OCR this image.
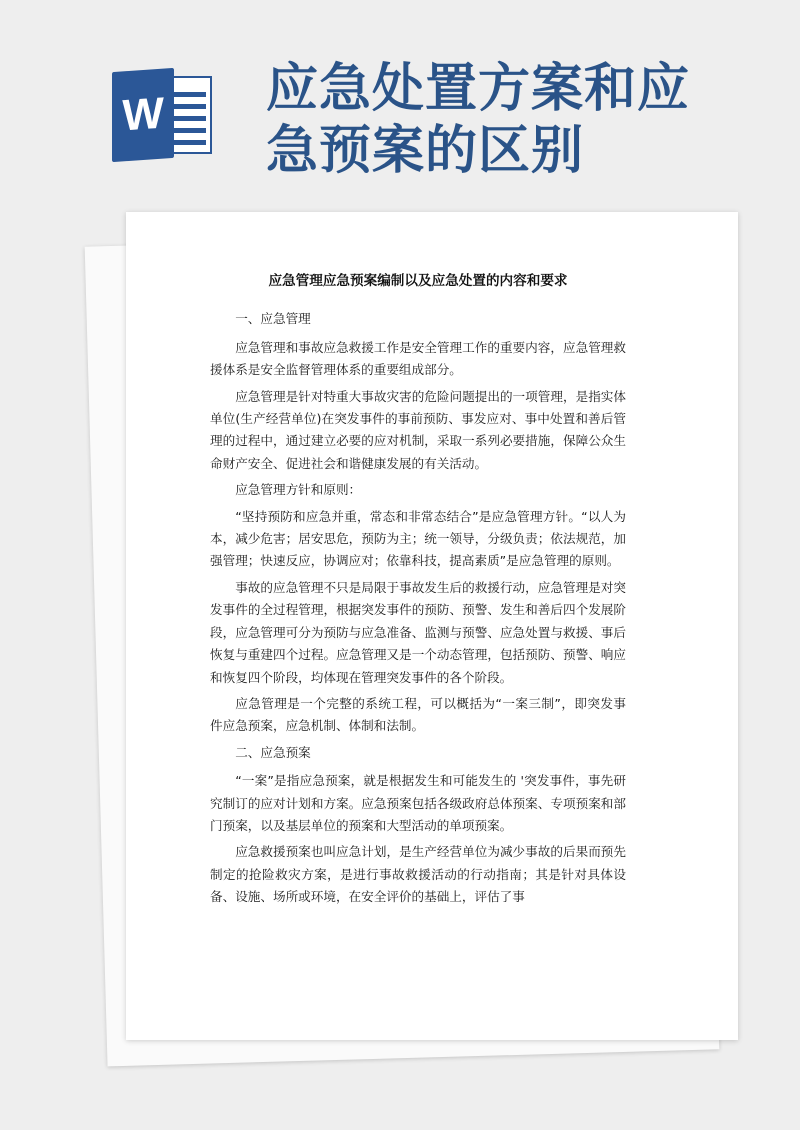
W 应急处置方案和应
急预案的区别

应急管理应急预案编制以及应急处置的内容和要求

一、应急管理

应急管理和事故应急救援工作是安全管理工作的重要内容，应急管理救援体系是安全监督管理体系的重要组成部分。

应急管理是针对特重大事故灾害的危险问题提出的一项管理，是指实体单位(生产经营单位)在突发事件的事前预防、事发应对、事中处置和善后管理的过程中，通过建立必要的应对机制，采取一系列必要措施，保障公众生命财产安全、促进社会和谐健康发展的有关活动。

应急管理方针和原则：

“坚持预防和应急并重，常态和非常态结合”是应急管理方针。“以人为本，减少危害；居安思危，预防为主；统一领导，分级负责；依法规范，加强管理；快速反应，协调应对；依靠科技，提高素质”是应急管理的原则。

事故的应急管理不只是局限于事故发生后的救援行动，应急管理是对突发事件的全过程管理，根据突发事件的预防、预警、发生和善后四个发展阶段，应急管理可分为预防与应急准备、监测与预警、应急处置与救援、事后恢复与重建四个过程。应急管理又是一个动态管理，包括预防、预警、响应和恢复四个阶段，均体现在管理突发事件的各个阶段。

应急管理是一个完整的系统工程，可以概括为“一案三制”，即突发事件应急预案，应急机制、体制和法制。

二、应急预案

“一案”是指应急预案，就是根据发生和可能发生的 '突发事件，事先研究制订的应对计划和方案。应急预案包括各级政府总体预案、专项预案和部门预案，以及基层单位的预案和大型活动的单项预案。

应急救援预案也叫应急计划，是生产经营单位为减少事故的后果而预先制定的抢险救灾方案，是进行事故救援活动的行动指南；其是针对具体设备、设施、场所或环境，在安全评价的基础上，评估了事
